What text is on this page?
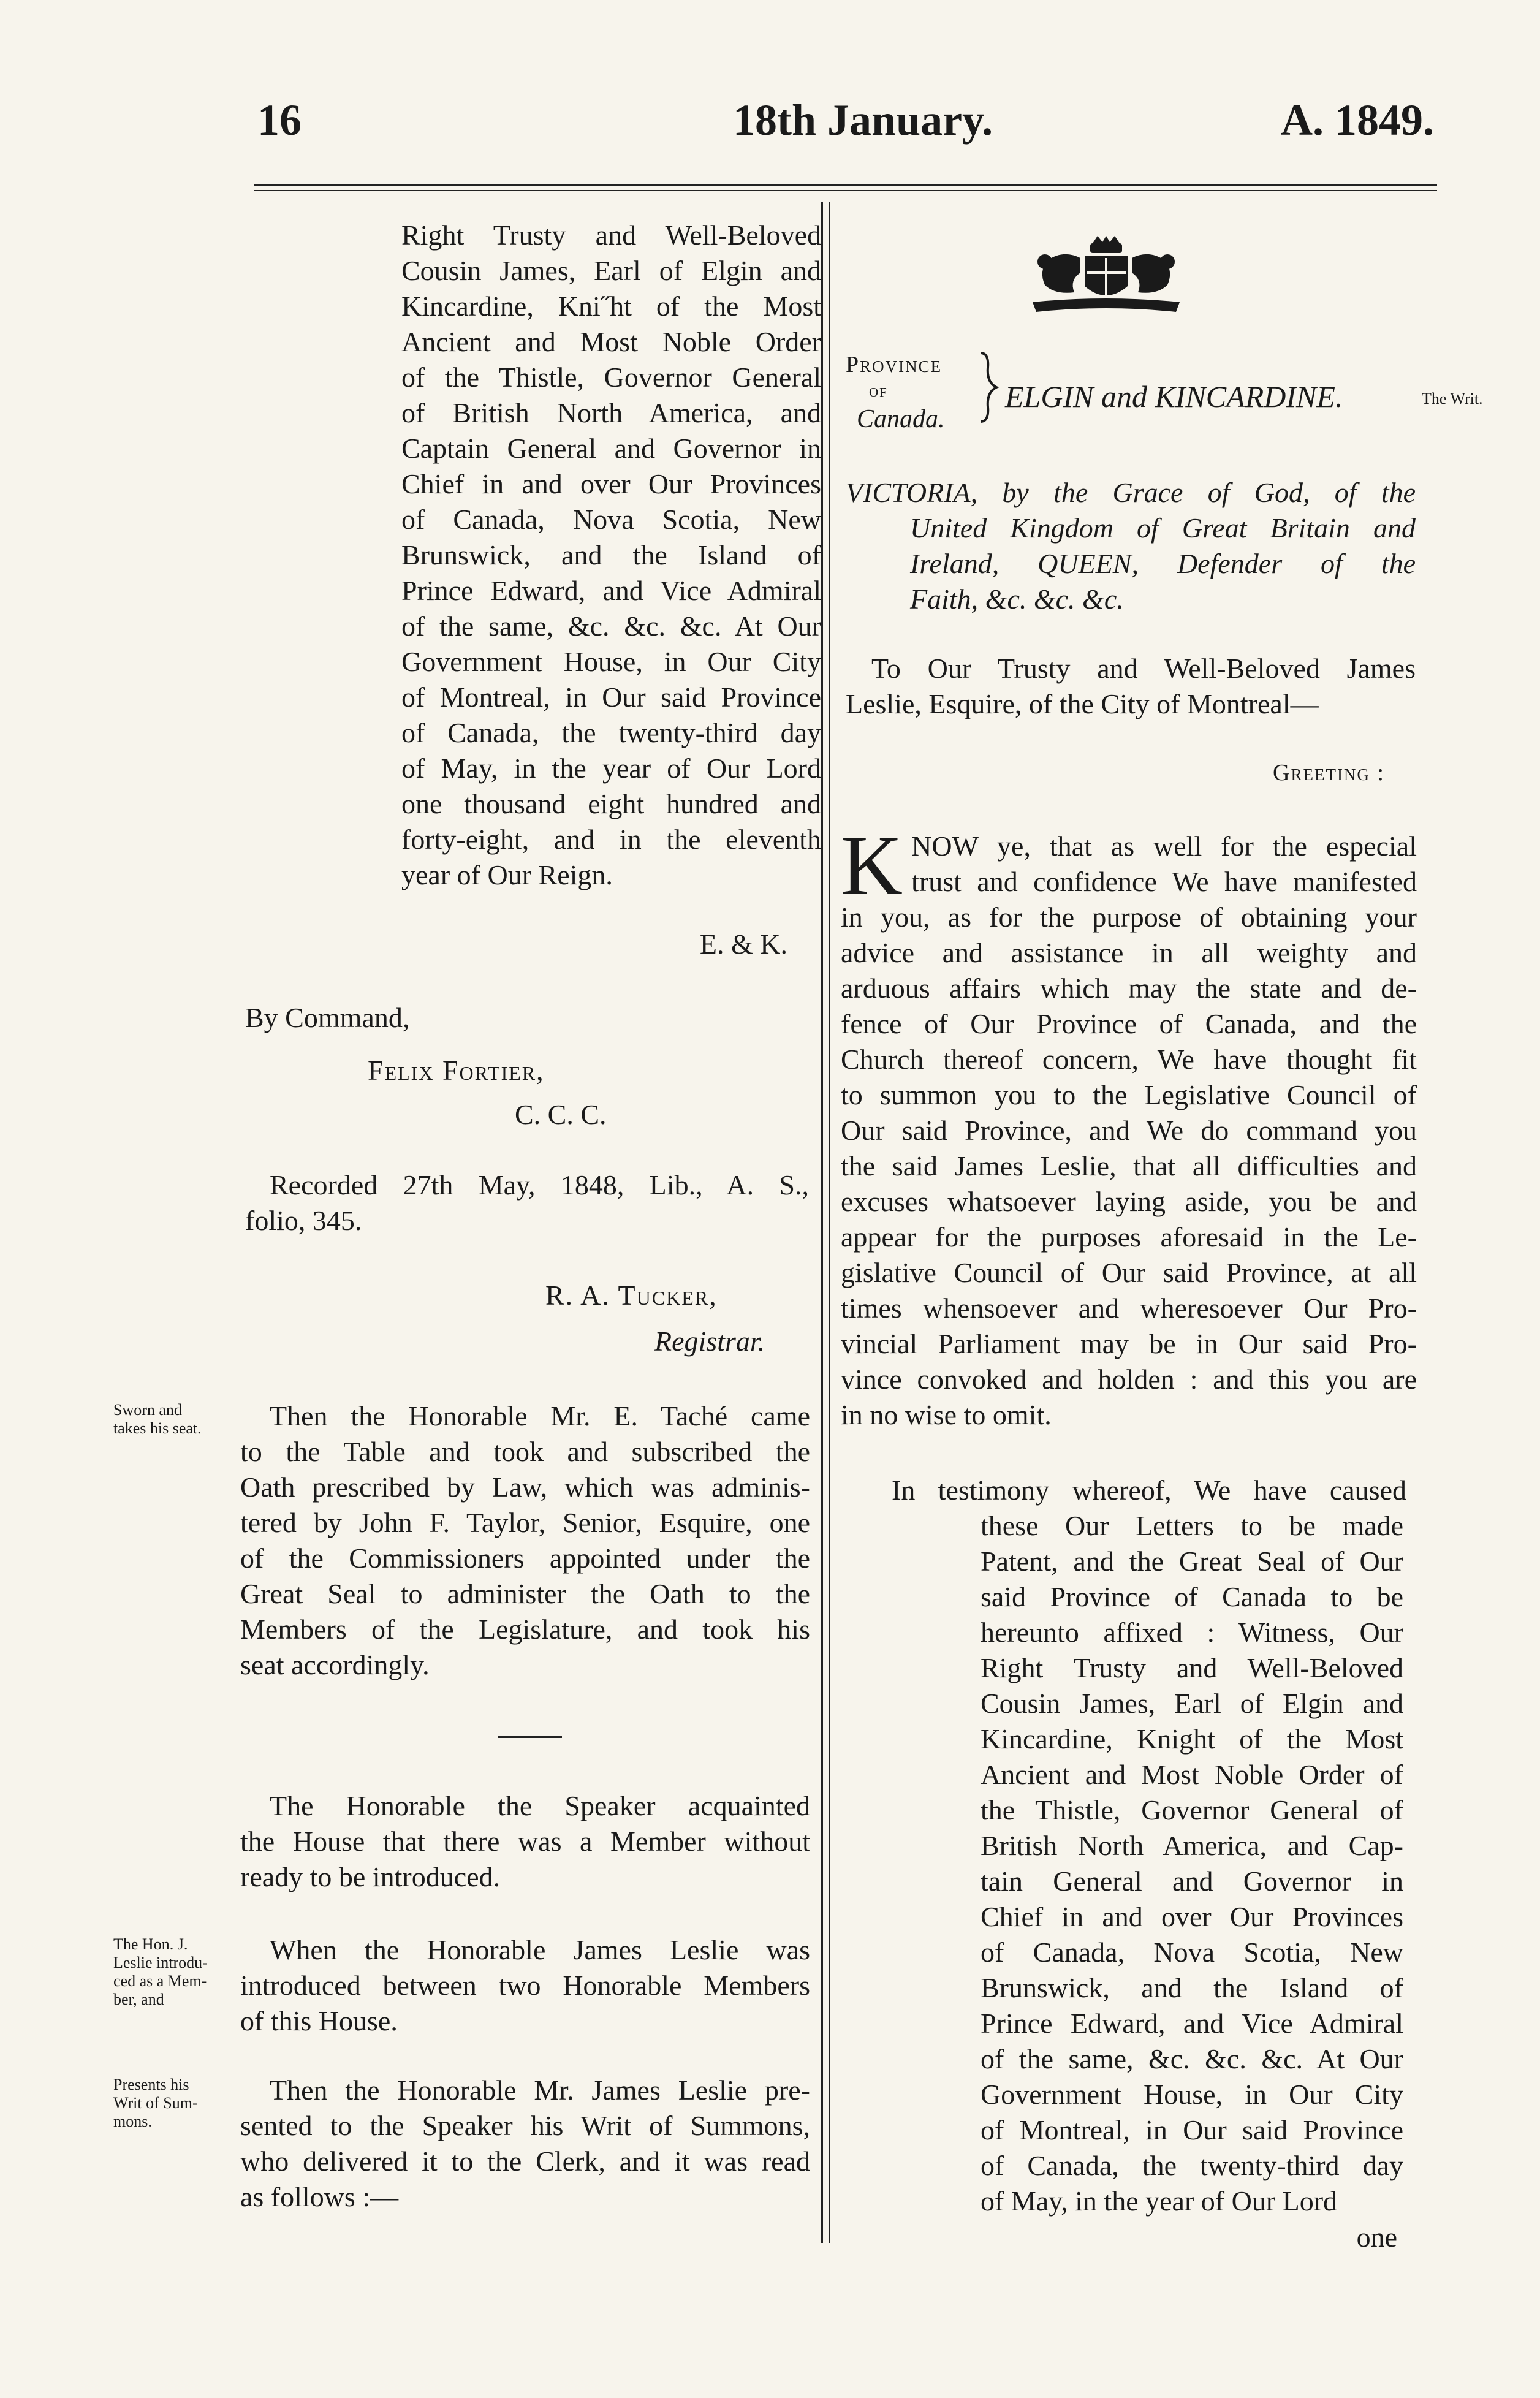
16	18th January.	A. 1849.

Right Trusty and Well-Beloved

Cousin James, Earl of Elgin and

Kincardine, Kni˝ht of the Most

Ancient and Most Noble Order

of the Thistle, Governor General

of British North America, and

Captain General and Governor in

Chief in and over Our Provinces

of Canada, Nova Scotia, New

Brunswick, and the Island of

Prince Edward, and Vice Admiral

of the same, &c. &c. &c. At Our

Government House, in Our City

of Montreal, in Our said Province

of Canada, the twenty-third day

of May, in the year of Our Lord

one thousand eight hundred and

forty-eight, and in the eleventh

year of Our Reign.

E. & K.
By Command,
Felix Fortier,
C. C. C.

Recorded 27th May, 1848, Lib., A. S.,

folio, 345.
R. A. Tucker,
Registrar.
Sworn and
takes his seat.
The Hon. J.
Leslie introdu-
ced as a Mem-
ber, and
Presents his
Writ of Sum-
mons.

Then the Honorable Mr. E. Taché came

to the Table and took and subscribed the

Oath prescribed by Law, which was adminis-

tered by John F. Taylor, Senior, Esquire, one

of the Commissioners appointed under the

Great Seal to administer the Oath to the

Members of the Legislature, and took his

seat accordingly.

The Honorable the Speaker acquainted

the House that there was a Member without

ready to be introduced.

When the Honorable James Leslie was

introduced between two Honorable Members

of this House.

Then the Honorable Mr. James Leslie pre-

sented to the Speaker his Writ of Summons,

who delivered it to the Clerk, and it was read

as follows :—

Province
of
Canada.
ELGIN and KINCARDINE.	The Writ.
VICTORIA, by the Grace of God, of the
United Kingdom of Great Britain and
Ireland, QUEEN, Defender of the
Faith, &c. &c. &c.
To Our Trusty and Well-Beloved James
Leslie, Esquire, of the City of Montreal—
Greeting :
K NOW ye, that as well for the especial
trust and confidence We have manifested
in you, as for the purpose of obtaining your
advice and assistance in all weighty and
arduous affairs which may the state and de-
fence of Our Province of Canada, and the
Church thereof concern, We have thought fit
to summon you to the Legislative Council of
Our said Province, and We do command you
the said James Leslie, that all difficulties and
excuses whatsoever laying aside, you be and
appear for the purposes aforesaid in the Le-
gislative Council of Our said Province, at all
times whensoever and wheresoever Our Pro-
vincial Parliament may be in Our said Pro-
vince convoked and holden : and this you are
in no wise to omit.

In testimony whereof, We have caused

these Our Letters to be made

Patent, and the Great Seal of Our

said Province of Canada to be

hereunto affixed : Witness, Our

Right Trusty and Well-Beloved

Cousin James, Earl of Elgin and

Kincardine, Knight of the Most

Ancient and Most Noble Order of

the Thistle, Governor General of

British North America, and Cap-

tain General and Governor in

Chief in and over Our Provinces

of Canada, Nova Scotia, New

Brunswick, and the Island of

Prince Edward, and Vice Admiral

of the same, &c. &c. &c. At Our

Government House, in Our City

of Montreal, in Our said Province

of Canada, the twenty-third day

of May, in the year of Our Lord

one
